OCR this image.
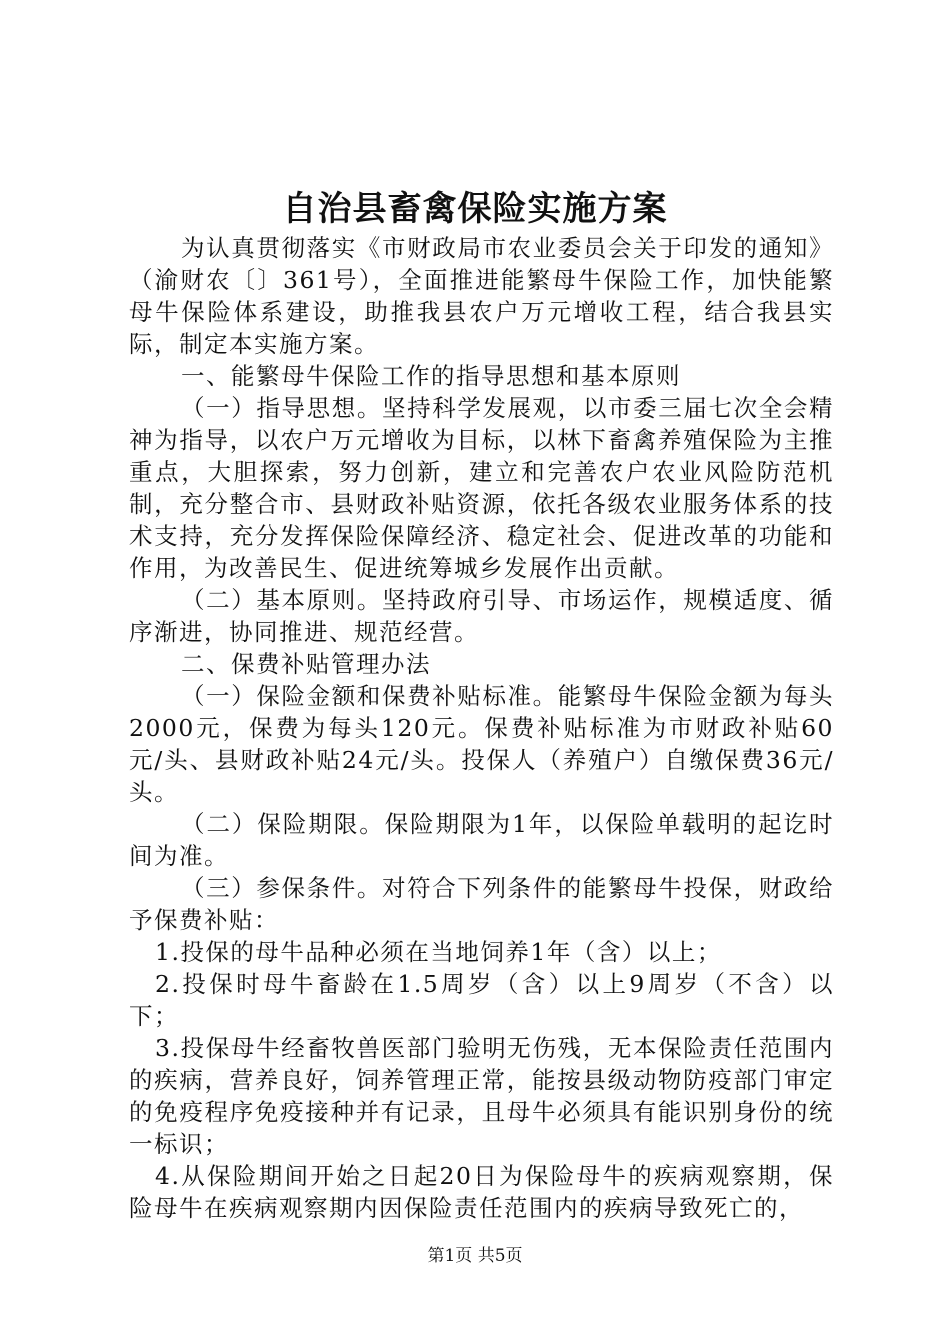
自治县畜禽保险实施方案

为认真贯彻落实《市财政局市农业委员会关于印发的通知》（渝财农〔〕361号），全面推进能繁母牛保险工作，加快能繁母牛保险体系建设，助推我县农户万元增收工程，结合我县实际，制定本实施方案。

一、能繁母牛保险工作的指导思想和基本原则

（一）指导思想。坚持科学发展观，以市委三届七次全会精神为指导，以农户万元增收为目标，以林下畜禽养殖保险为主推重点，大胆探索，努力创新，建立和完善农户农业风险防范机制，充分整合市、县财政补贴资源，依托各级农业服务体系的技术支持，充分发挥保险保障经济、稳定社会、促进改革的功能和作用，为改善民生、促进统筹城乡发展作出贡献。

（二）基本原则。坚持政府引导、市场运作，规模适度、循序渐进，协同推进、规范经营。

二、保费补贴管理办法

（一）保险金额和保费补贴标准。能繁母牛保险金额为每头2000元，保费为每头120元。保费补贴标准为市财政补贴60元/头、县财政补贴24元/头。投保人（养殖户）自缴保费36元/头。

（二）保险期限。保险期限为1年，以保险单载明的起讫时间为准。

（三）参保条件。对符合下列条件的能繁母牛投保，财政给予保费补贴：

1.投保的母牛品种必须在当地饲养1年（含）以上；

2.投保时母牛畜龄在1.5周岁（含）以上9周岁（不含）以下；

3.投保母牛经畜牧兽医部门验明无伤残，无本保险责任范围内的疾病，营养良好，饲养管理正常，能按县级动物防疫部门审定的免疫程序免疫接种并有记录，且母牛必须具有能识别身份的统一标识；

4.从保险期间开始之日起20日为保险母牛的疾病观察期，保险母牛在疾病观察期内因保险责任范围内的疾病导致死亡的，

第1页 共5页
